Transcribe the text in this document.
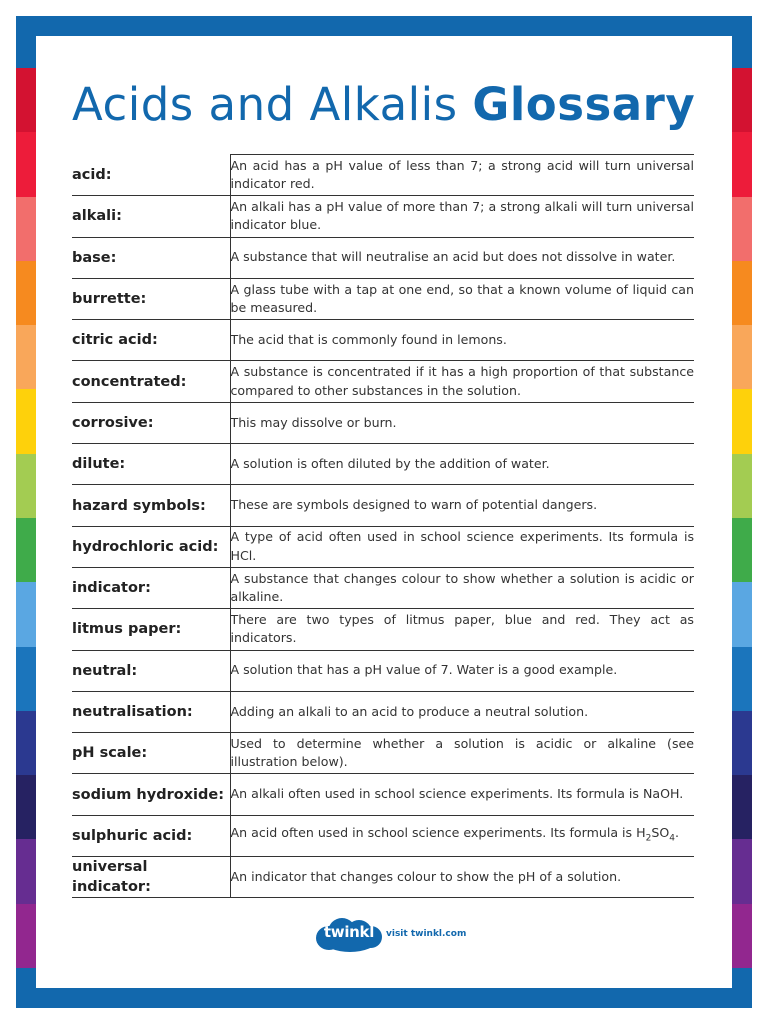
Acids and Alkalis Glossary
acid:	An acid has a pH value of less than 7; a strong acid will turn universal indicator red.
alkali:	An alkali has a pH value of more than 7; a strong alkali will turn universal indicator blue.
base:	A substance that will neutralise an acid but does not dissolve in water.
burrette:	A glass tube with a tap at one end, so that a known volume of liquid can be measured.
citric acid:	The acid that is commonly found in lemons.
concentrated:	A substance is concentrated if it has a high proportion of that substance compared to other substances in the solution.
corrosive:	This may dissolve or burn.
dilute:	A solution is often diluted by the addition of water.
hazard symbols:	These are symbols designed to warn of potential dangers.
hydrochloric acid:	A type of acid often used in school science experiments. Its formula is HCl.
indicator:	A substance that changes colour to show whether a solution is acidic or alkaline.
litmus paper:	There are two types of litmus paper, blue and red. They act as indicators.
neutral:	A solution that has a pH value of 7. Water is a good example.
neutralisation:	Adding an alkali to an acid to produce a neutral solution.
pH scale:	Used to determine whether a solution is acidic or alkaline (see illustration below).
sodium hydroxide:	An alkali often used in school science experiments. Its formula is NaOH.
sulphuric acid:	An acid often used in school science experiments. Its formula is $H_2SO_4$.
universal indicator:	An indicator that changes colour to show the pH of a solution.
twinkl	visit twinkl.com
